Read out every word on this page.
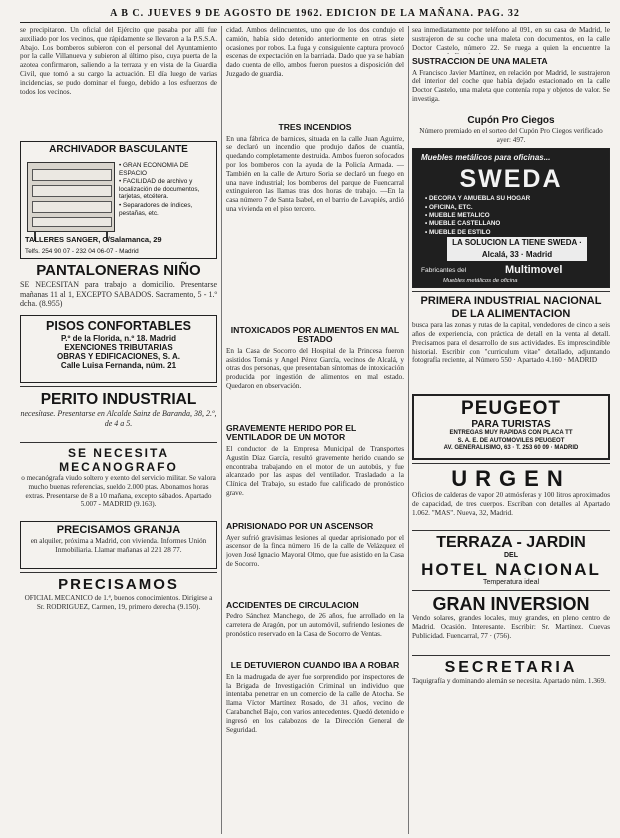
A B C. JUEVES 9 DE AGOSTO DE 1962. EDICION DE LA MAÑANA. PAG. 32

se precipitaron. Un oficial del Ejército que pasaba por allí fue auxiliado por los vecinos, que rápidamente se llevaron a la P.S.S.A. Abajo. Los bomberos subieron con el personal del Ayuntamiento por la calle Villanueva y subieron al último piso, cuya puerta de la azotea confirmaron, saliendo a la terraza y en vista de la Guardia Civil, que tomó a su cargo la actuación. El día luego de varias incidencias, se pudo dominar el fuego, debido a los esfuerzos de todos los vecinos.

ARCHIVADOR BASCULANTE
• GRAN ECONOMIA DE ESPACIO
• FACILIDAD de archivo y localización de documentos, tarjetas, etcétera.
• Separadores de índices, pestañas, etc.
TALLERES SANGER, C/Salamanca, 29
Telfs. 254 90 07 - 232 04 06-07 - Madrid
PANTALONERAS NIÑO

SE NECESITAN para trabajo a domicilio. Presentarse mañanas 11 al 1, EXCEPTO SABADOS. Sacramento, 5 - 1.º dcha. (8.955)

PISOS CONFORTABLES
P.º de la Florida, n.º 18. Madrid
EXENCIONES TRIBUTARIAS
OBRAS Y EDIFICACIONES, S. A.
Calle Luisa Fernanda, núm. 21
PERITO INDUSTRIAL

necesítase. Presentarse en Alcalde Sainz de Baranda, 38, 2.º, de 4 a 5.

SE NECESITA
MECANOGRAFO

o mecanógrafa viudo soltero y exento del servicio militar. Se valora mucho buenas referencias, sueldo 2.000 ptas. Abonamos horas extras. Presentarse de 8 a 10 mañana, excepto sábados. Apartado 5.007 - MADRID (9.163).

PRECISAMOS GRANJA

en alquiler, próxima a Madrid, con vivienda. Informes Unión Inmobiliaria. Llamar mañanas al 221 28 77.

PRECISAMOS

OFICIAL MECANICO de 1.ª, buenos conocimientos. Dirigirse a Sr. RODRIGUEZ, Carmen, 19, primero derecha (9.150).

cidad. Ambos delincuentes, uno que de los dos condujo el camión, había sido detenido anteriormente en otras siete ocasiones por robos. La fuga y consiguiente captura provocó escenas de expectación en la barriada. Dado que ya se habían dado cuenta de ello, ambos fueron puestos a disposición del Juzgado de guardia.

TRES INCENDIOS

En una fábrica de barnices, situada en la calle Juan Aguirre, se declaró un incendio que produjo daños de cuantía, quedando completamente destruida. Ambos fueron sofocados por los bomberos con la ayuda de la Policía Armada. —También en la calle de Arturo Soria se declaró un fuego en una nave industrial; los bomberos del parque de Fuencarral extinguieron las llamas tras dos horas de trabajo. —En la casa número 7 de Santa Isabel, en el barrio de Lavapiés, ardió una vivienda en el piso tercero.

INTOXICADOS POR ALIMENTOS EN MAL ESTADO

En la Casa de Socorro del Hospital de la Princesa fueron asistidos Tomás y Angel Pérez García, vecinos de Alcalá, y otras dos personas, que presentaban síntomas de intoxicación producida por ingestión de alimentos en mal estado. Quedaron en observación.

GRAVEMENTE HERIDO POR EL VENTILADOR DE UN MOTOR

El conductor de la Empresa Municipal de Transportes Agustín Díaz García, resultó gravemente herido cuando se encontraba trabajando en el motor de un autobús, y fue alcanzado por las aspas del ventilador. Trasladado a la Clínica del Trabajo, su estado fue calificado de pronóstico grave.

APRISIONADO POR UN ASCENSOR

Ayer sufrió gravísimas lesiones al quedar aprisionado por el ascensor de la finca número 16 de la calle de Velázquez el joven José Ignacio Mayoral Olmo, que fue asistido en la Casa de Socorro.

ACCIDENTES DE CIRCULACION

Pedro Sánchez Manchego, de 26 años, fue arrollado en la carretera de Aragón, por un automóvil, sufriendo lesiones de pronóstico reservado en la Casa de Socorro de Ventas.

LE DETUVIERON CUANDO IBA A ROBAR

En la madrugada de ayer fue sorprendido por inspectores de la Brigada de Investigación Criminal un individuo que intentaba penetrar en un comercio de la calle de Atocha. Se llama Víctor Martínez Rosado, de 31 años, vecino de Carabanchel Bajo, con varios antecedentes. Quedó detenido e ingresó en los calabozos de la Dirección General de Seguridad.

sea inmediatamente por teléfono al 091, en su casa de Madrid, le sustrajeron de su coche una maleta con documentos, en la calle Doctor Castelo, número 22. Se ruega a quien la encuentre la

SUSTRACCION DE UNA MALETA

A Francisco Javier Martínez, en relación por Madrid, le sustrajeron del interior del coche que había dejado estacionado en la calle Doctor Castelo, una maleta que contenía ropa y objetos de valor. Se investiga.

Cupón Pro Ciegos

Número premiado en el sorteo del Cupón Pro Ciegos verificado ayer: 497.

Muebles metálicos para oficinas...
SWEDA
• DECORA Y AMUEBLA SU HOGAR
• OFICINA, ETC.
• MUEBLE METALICO
• MUEBLE CASTELLANO
• MUEBLE DE ESTILO
LA SOLUCION LA TIENE SWEDA · Alcalá, 33 · Madrid
Fabricantes del	Multimovel
Muebles metálicos de oficina
PRIMERA INDUSTRIAL NACIONAL DE LA ALIMENTACION

busca para las zonas y rutas de la capital, vendedores de cinco a seis años de experiencia, con práctica de detall en la venta al detall. Precisamos para el desarrollo de sus actividades. Es imprescindible historial. Escribir con "curriculum vitae" detallado, adjuntando fotografía reciente, al Número 550 · Apartado 4.160 · MADRID

PEUGEOT
PARA TURISTAS
ENTREGAS MUY RAPIDAS CON PLACA TT
S. A. E. DE AUTOMOVILES PEUGEOT
AV. GENERALISIMO, 63 · T. 253 60 09 · MADRID
URGEN

Oficios de calderas de vapor 20 atmósferas y 100 litros aproximados de capacidad, de tres cuerpos. Escriban con detalles al Apartado 1.062. "MAS". Nueva, 32, Madrid.

TERRAZA - JARDIN
DEL
HOTEL NACIONAL
Temperatura ideal
GRAN INVERSION

Vendo solares, grandes locales, muy grandes, en pleno centro de Madrid. Ocasión. Interesante. Escribir: Sr. Martínez. Cuevas Publicidad. Fuencarral, 77 · (756).

SECRETARIA

Taquigrafía y dominando alemán se necesita. Apartado núm. 1.369.
